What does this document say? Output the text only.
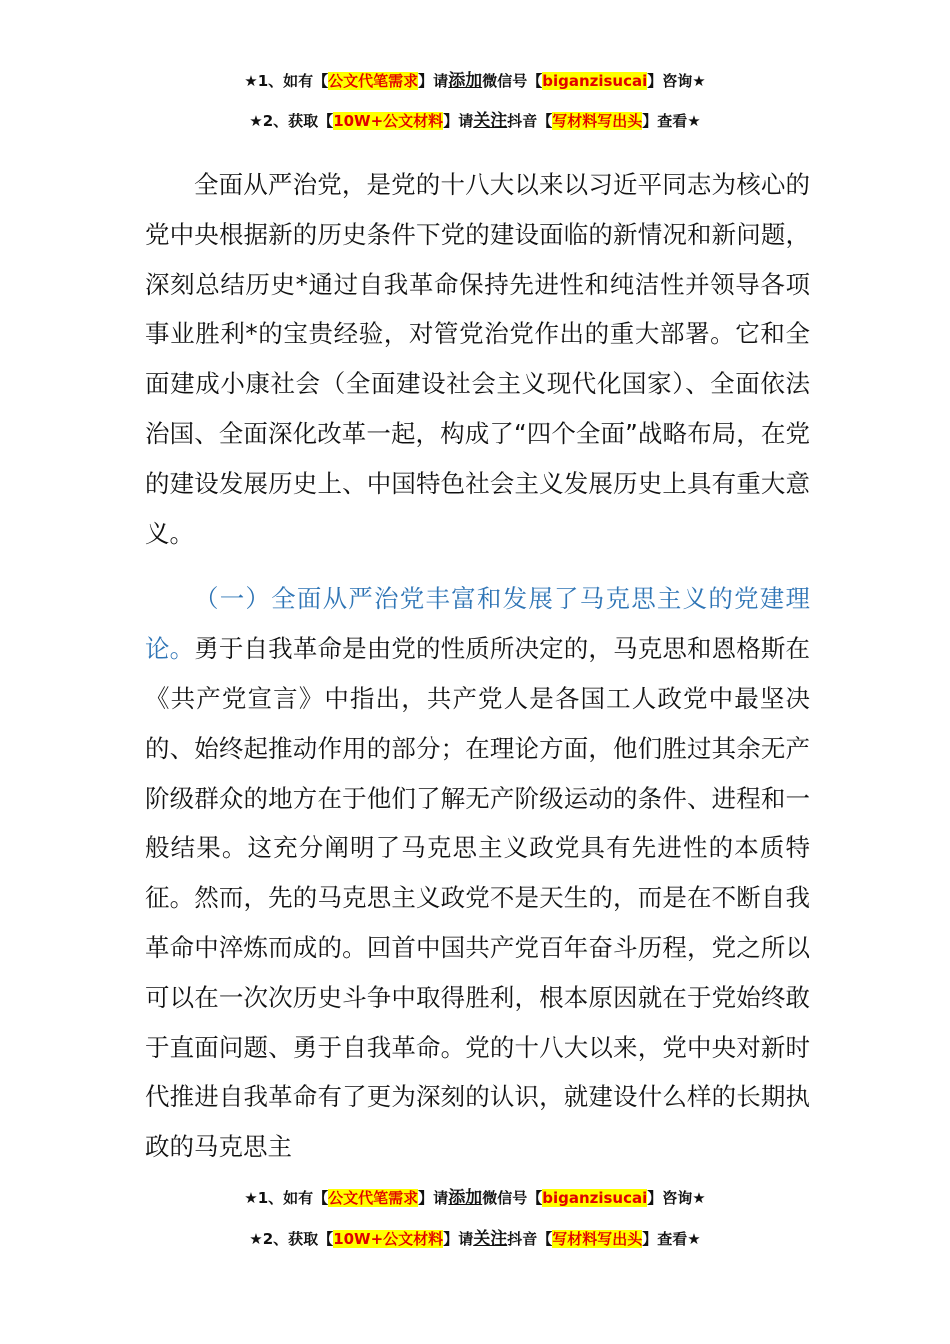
★1、如有【公文代笔需求】请添加微信号【biganzisucai】咨询★
★2、获取【10W+公文材料】请关注抖音【写材料写出头】查看★

全面从严治党，是党的十八大以来以习近平同志为核心的党中央根据新的历史条件下党的建设面临的新情况和新问题，深刻总结历史*通过自我革命保持先进性和纯洁性并领导各项事业胜利*的宝贵经验，对管党治党作出的重大部署。它和全面建成小康社会（全面建设社会主义现代化国家）、全面依法治国、全面深化改革一起，构成了“四个全面”战略布局，在党的建设发展历史上、中国特色社会主义发展历史上具有重大意义。

（一）全面从严治党丰富和发展了马克思主义的党建理论。勇于自我革命是由党的性质所决定的，马克思和恩格斯在《共产党宣言》中指出，共产党人是各国工人政党中最坚决的、始终起推动作用的部分；在理论方面，他们胜过其余无产阶级群众的地方在于他们了解无产阶级运动的条件、进程和一般结果。这充分阐明了马克思主义政党具有先进性的本质特征。然而，先的马克思主义政党不是天生的，而是在不断自我革命中淬炼而成的。回首中国共产党百年奋斗历程，党之所以可以在一次次历史斗争中取得胜利，根本原因就在于党始终敢于直面问题、勇于自我革命。党的十八大以来，党中央对新时代推进自我革命有了更为深刻的认识，就建设什么样的长期执政的马克思主

★1、如有【公文代笔需求】请添加微信号【biganzisucai】咨询★
★2、获取【10W+公文材料】请关注抖音【写材料写出头】查看★
